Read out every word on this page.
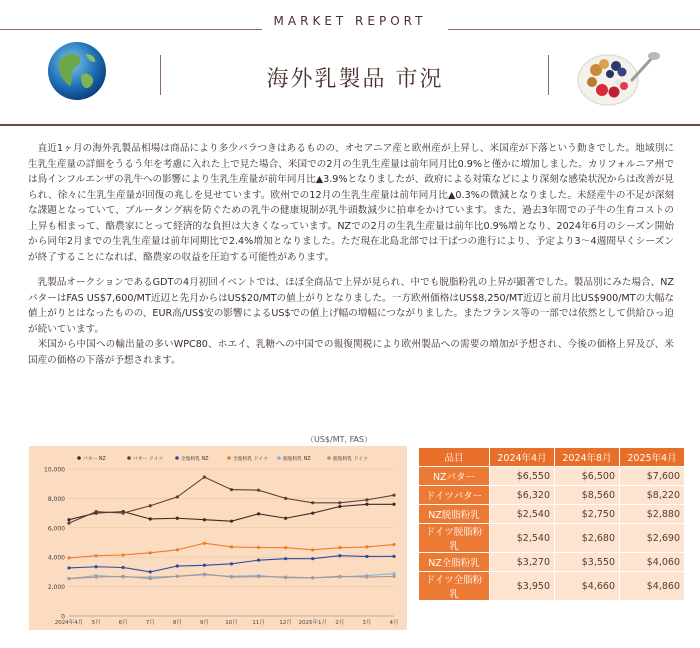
MARKET REPORT
海外乳製品 市況

直近1ヶ月の海外乳製品相場は商品により多少バラつきはあるものの、オセアニア産と欧州産が上昇し、米国産が下落という動きでした。地域別に生乳生産量の詳細をうるう年を考慮に入れた上で見た場合、米国での2月の生乳生産量は前年同月比0.9%と僅かに増加しました。カリフォルニア州では鳥インフルエンザの乳牛への影響により生乳生産量が前年同月比▲3.9%となりましたが、政府による対策などにより深刻な感染状況からは改善が見られ、徐々に生乳生産量が回復の兆しを見せています。欧州での12月の生乳生産量は前年同月比▲0.3%の微減となりました。未経産牛の不足が深刻な課題となっていて、ブルータング病を防ぐための乳牛の健康規制が乳牛頭数減少に拍車をかけています。また、過去3年間での子牛の生育コストの上昇も相まって、酪農家にとって経済的な負担は大きくなっています。NZでの2月の生乳生産量は前年比0.9%増となり、2024年6月のシーズン開始から同年2月までの生乳生産量は前年同期比で2.4%増加となりました。ただ現在北島北部では干ばつの進行により、予定より3～4週間早くシーズンが終了することになれば、酪農家の収益を圧迫する可能性があります。

乳製品オークションであるGDTの4月初回イベントでは、ほぼ全商品で上昇が見られ、中でも脱脂粉乳の上昇が顕著でした。製品別にみた場合、NZバターはFAS US$7,600/MT近辺と先月からはUS$20/MTの値上がりとなりました。一方欧州価格はUS$8,250/MT近辺と前月比US$900/MTの大幅な値上がりとはなったものの、EUR高/US$安の影響によるUS$での値上げ幅の増幅につながりました。またフランス等の一部では依然として供給ひっ迫が続いています。

米国から中国への輸出量の多いWPC80、ホエイ、乳糖への中国での報復関税により欧州製品への需要の増加が予想され、今後の価格上昇及び、米国産の価格の下落が予想されます。

（US$/MT, FAS）
バター NZ	バター ドイツ	全脂粉乳 NZ	全脂粉乳 ドイツ	脱脂粉乳 NZ	脱脂粉乳 ドイツ
0
2,000
4,000
6,000
8,000
10,000
2024年4月 5月	6月	7月	8月	9月	10月	11月	12月 2025年1月 2月	3月	4月
品目	2024年4月	2024年8月	2025年4月
NZバター	$6,550	$6,500	$7,600
ドイツバター	$6,320	$8,560	$8,220
NZ脱脂粉乳	$2,540	$2,750	$2,880
ドイツ脱脂粉乳	$2,540	$2,680	$2,690
NZ全脂粉乳	$3,270	$3,550	$4,060
ドイツ全脂粉乳	$3,950	$4,660	$4,860
